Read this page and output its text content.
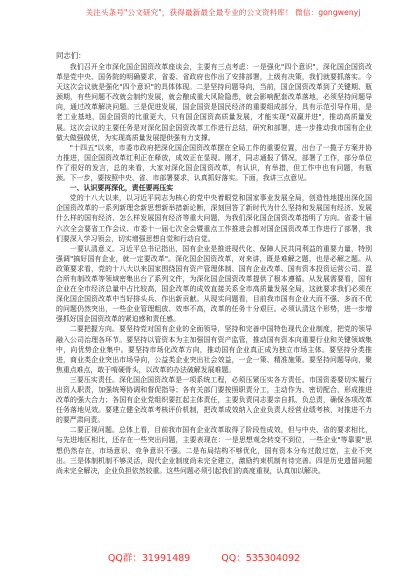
关注头条号"公文研究"，获得最新最全最专业的公文资料库！ 微信：gongwenyj
同志们：

我们召开全市深化国企国资改革座谈会，主要有三点考虑：一是强化"四个意识"，深化国企国资改革是党中央、国务院的明确要求，省委、省政府也作出了安排部署，上级有决策，我们就要抓落实。今天这次会议就是强化"四个意识"的具体体现。二是坚持问题导向，当前，国企国资改革到了关键期、瓶颈期，有些问题不改就会制约发展，就会酿成重大风险隐患，就会影响配套改革落地，必须坚持问题导向，通过改革解决问题。三是促进发展，国企国资是国民经济的重要组成部分，具有示范引导作用，是老工业基地，国企国资的比重更大，只有国企国资高质量发展，才能实现"双赢并进"，推动高质量发展。这次会议的主要任务是对深化国企国资改革工作进行总结，研究和部署，进一步推动我市国有企业做大做强做优，为实现高质量发展提供强有力支撑。

"十四五"以来，市委市政府把深化国企国资改革摆在全局工作的重要位置，出台了一揽子方案并协力推进，国企国资改革红利正在释放，成效正在显现。刚才，同志通报了情况，部署了工作，部分单位作了很好的发言，总的来看，大家对深化国企国资改革，有认识，有举措，但工作中也有问题，有瓶颈。下一步，要按照中央、省、市部署要求，认真抓好落实。下面，我讲三点意见。

一、认识要再深化，责任要再压实

党的十八大以来，以习近平同志为核心的党中央着眼党和国家事业发展全局，创造性地提出深化国企国资改革的一系列新理念新思想新举措新论断，深刻回答了新时代为什么坚持和发展国有经济、发展什么样的国有经济、怎么样发展国有经济等重大问题，为我们深化国企国资改革指明了方向。省委十届六次全会要省工作会议、市委十一届七次全会暨重点工作推进会都对国企国资改革工作进行了部署，我们要深入学习领会，切实增强思想自觉和行动自觉。

一要认清意义。习近平总书记指出，国有企业是推进现代化、保障人民共同利益的重要力量，特别强调"搞好国有企业，就一定要改革"。深化国企国资改革，对来讲，既是难解之题，也是必解之题。从政策要求看，党的十八大以来国家围绕国有资产管理体制、国有企业改革、国有资本投资运营公司、混合所有制改革等领域密集出台了系列文件，为深化国企国资改革提供了根本遵循。从发展需要看，国有企业在全市经济总量中占比较高，国企改革的成效直接关系全市高质量发展全局，这就要求我们必须在深化国企国资改革中当好排头兵、作出新贡献。从现实问题看，目前我市国有企业大而不强、多而不优的问题仍然突出，一些企业管理粗放、效率不高，改革的任务十分艰巨。必须认清这个形势，进一步增强抓好国企国资改革的紧迫感和责任感。

二要把握方向。要坚持党对国有企业的全面领导，坚持和完善中国特色现代企业制度，把党的领导融入公司治理各环节。要坚持以管资本为主加强国有资产监管，推动国有资本向重要行业和关键领域集中，向优势企业集中。要坚持市场化改革方向，推动国有企业真正成为独立市场主体。要坚持分类推进，商业类企业突出市场导向，公益类企业突出社会效益，一企一策、精准施策。要坚持问题导向，聚焦重点难点，敢于啃硬骨头，以改革的办法破解发展难题。

三要压实责任。深化国企国资改革是一项系统工程，必须压紧压实各方责任。市国资委要切实履行出资人职责，加强统筹协调和督促指导；各有关部门要按照职责分工，主动作为、密切配合，形成推进改革的强大合力；各国有企业党组织要扛起主体责任，主要负责同志要亲自抓、负总责，确保各项改革任务落地见效。要建立健全改革考核评价机制，把改革成效纳入企业负责人经营业绩考核，对推进不力的要严肃问责。

二要正视问题。总体上看，目前我市国有企业改革取得了阶段性成效，但与中央、省的要求相比，与先进地区相比，还存在一些突出问题，主要表现在：一是思想观念转变不到位，一些企业"等靠要"思想仍然存在，市场意识、竞争意识不强。二是布局结构不够优化，国有资本分布过散过宽，主业不突出。三是体制机制不够灵活，现代企业制度尚未完全建立，激励约束机制有待完善。四是历史遗留问题尚未完全解决，企业负担依然较重。这些问题必须引起我们的高度重视，认真加以解决。

QQ群：31991489	QQ：535304092
